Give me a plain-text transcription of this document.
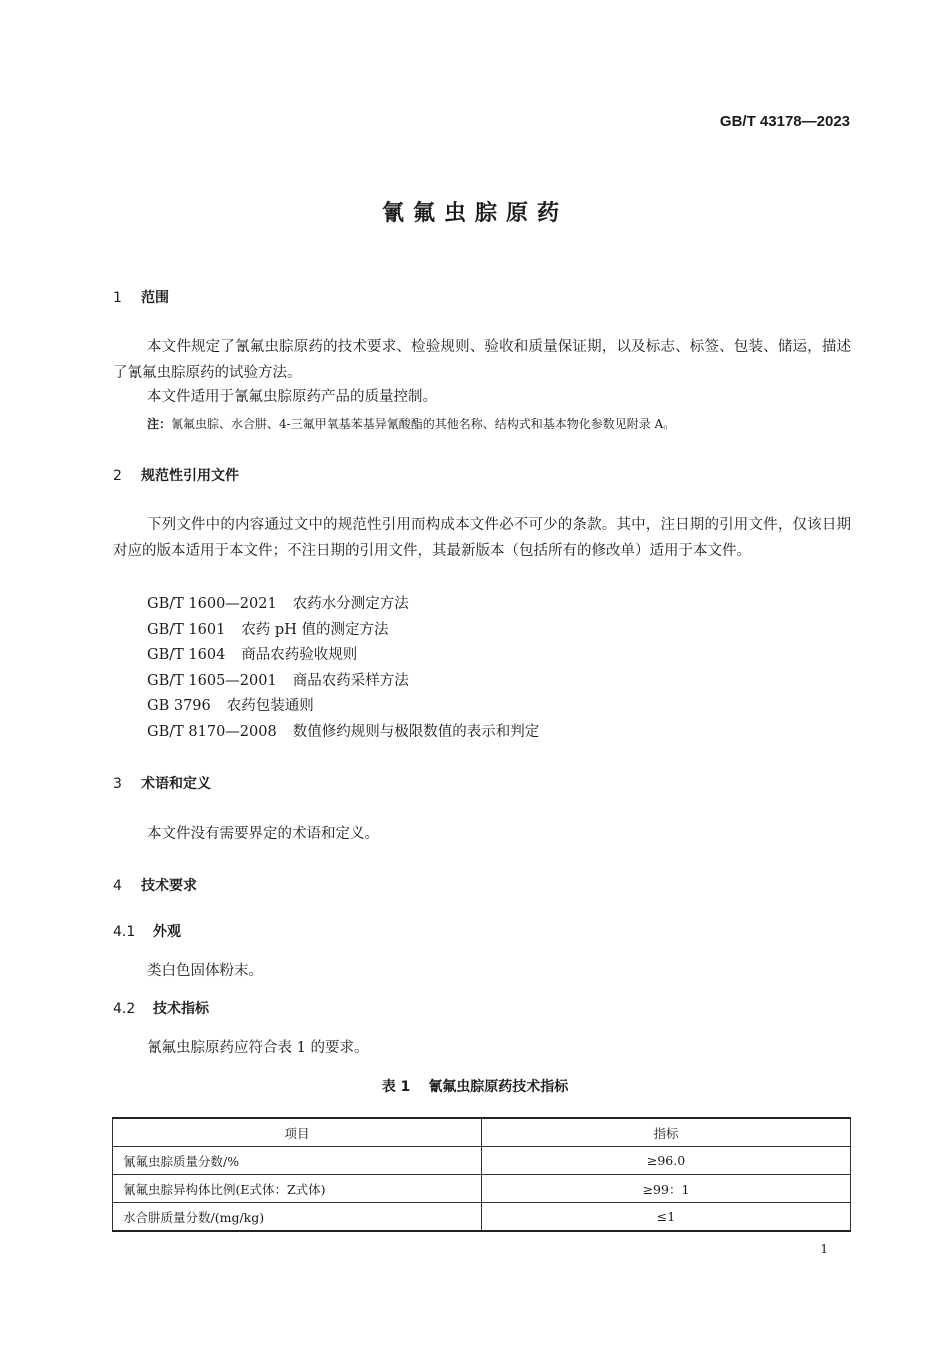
GB/T 43178—2023
氰氟虫腙原药
1 范围
本文件规定了氰氟虫腙原药的技术要求、检验规则、验收和质量保证期，以及标志、标签、包装、储运，描述了氰氟虫腙原药的试验方法。
本文件适用于氰氟虫腙原药产品的质量控制。
注：氰氟虫腙、水合肼、4-三氟甲氧基苯基异氰酸酯的其他名称、结构式和基本物化参数见附录 A。
2 规范性引用文件
下列文件中的内容通过文中的规范性引用而构成本文件必不可少的条款。其中，注日期的引用文件，仅该日期对应的版本适用于本文件；不注日期的引用文件，其最新版本（包括所有的修改单）适用于本文件。
GB/T 1600—2021 农药水分测定方法
GB/T 1601 农药 pH 值的测定方法
GB/T 1604 商品农药验收规则
GB/T 1605—2001 商品农药采样方法
GB 3796 农药包装通则
GB/T 8170—2008 数值修约规则与极限数值的表示和判定
3 术语和定义
本文件没有需要界定的术语和定义。
4 技术要求
4.1 外观
类白色固体粉末。
4.2 技术指标
氰氟虫腙原药应符合表 1 的要求。
表 1 氰氟虫腙原药技术指标
项目	指标
氰氟虫腙质量分数/%	≥96.0
氰氟虫腙异构体比例(E式体：Z式体)	≥99：1
水合肼质量分数/(mg/kg)	≤1
1
